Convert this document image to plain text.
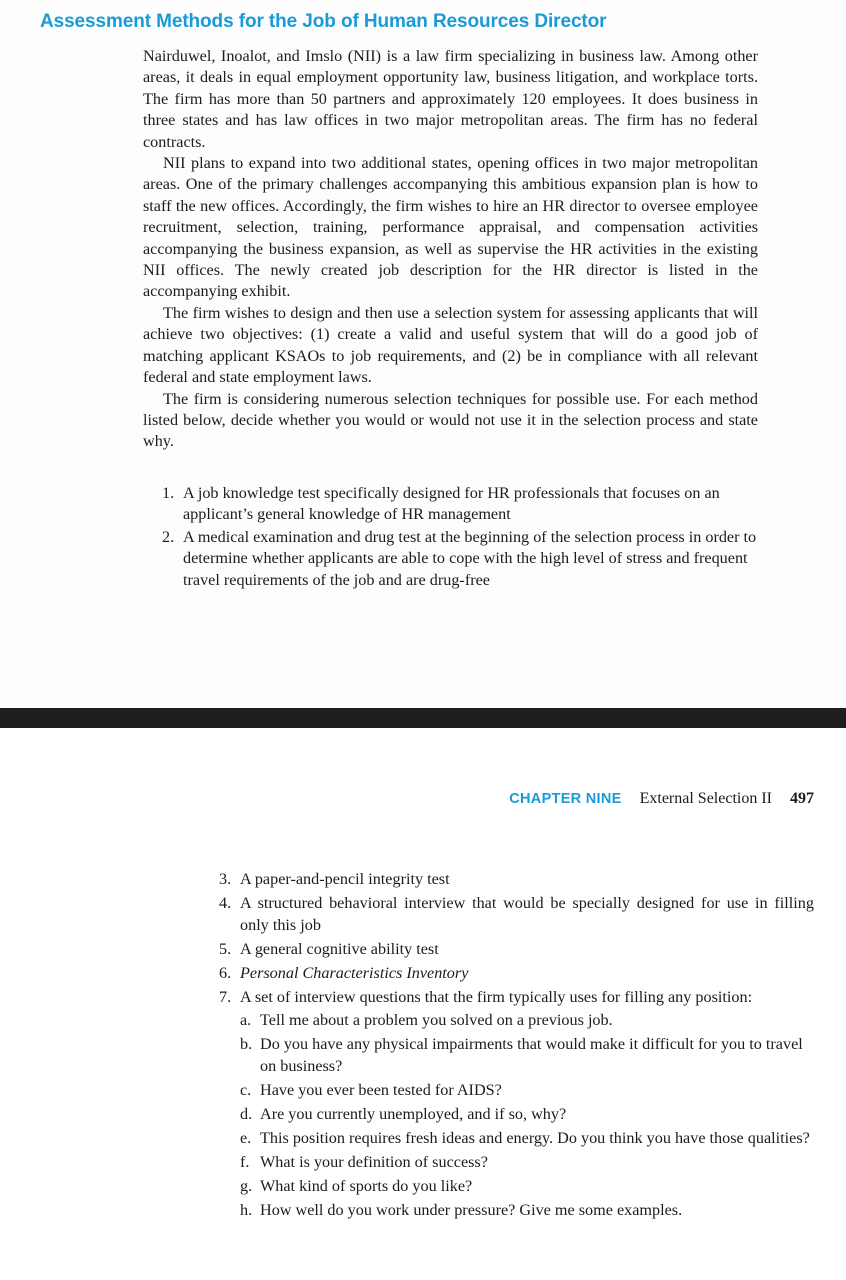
Assessment Methods for the Job of Human Resources Director

Nairduwel, Inoalot, and Imslo (NII) is a law firm specializing in business law. Among other areas, it deals in equal employment opportunity law, business litigation, and workplace torts. The firm has more than 50 partners and approximately 120 employees. It does business in three states and has law offices in two major metropolitan areas. The firm has no federal contracts.

NII plans to expand into two additional states, opening offices in two major metropolitan areas. One of the primary challenges accompanying this ambitious expansion plan is how to staff the new offices. Accordingly, the firm wishes to hire an HR director to oversee employee recruitment, selection, training, performance appraisal, and compensation activities accompanying the business expansion, as well as supervise the HR activities in the existing NII offices. The newly created job description for the HR director is listed in the accompanying exhibit.

The firm wishes to design and then use a selection system for assessing applicants that will achieve two objectives: (1) create a valid and useful system that will do a good job of matching applicant KSAOs to job requirements, and (2) be in compliance with all relevant federal and state employment laws.

The firm is considering numerous selection techniques for possible use. For each method listed below, decide whether you would or would not use it in the selection process and state why.

1. A job knowledge test specifically designed for HR professionals that focuses on an applicant’s general knowledge of HR management
2. A medical examination and drug test at the beginning of the selection process in order to determine whether applicants are able to cope with the high level of stress and frequent travel requirements of the job and are drug-free
CHAPTER NINE External Selection II 497
3. A paper-and-pencil integrity test
4. A structured behavioral interview that would be specially designed for use in filling only this job
5. A general cognitive ability test
6. Personal Characteristics Inventory
7. A set of interview questions that the firm typically uses for filling any position:
a. Tell me about a problem you solved on a previous job.
b. Do you have any physical impairments that would make it difficult for you to travel on business?
c. Have you ever been tested for AIDS?
d. Are you currently unemployed, and if so, why?
e. This position requires fresh ideas and energy. Do you think you have those qualities?
f. What is your definition of success?
g. What kind of sports do you like?
h. How well do you work under pressure? Give me some examples.
